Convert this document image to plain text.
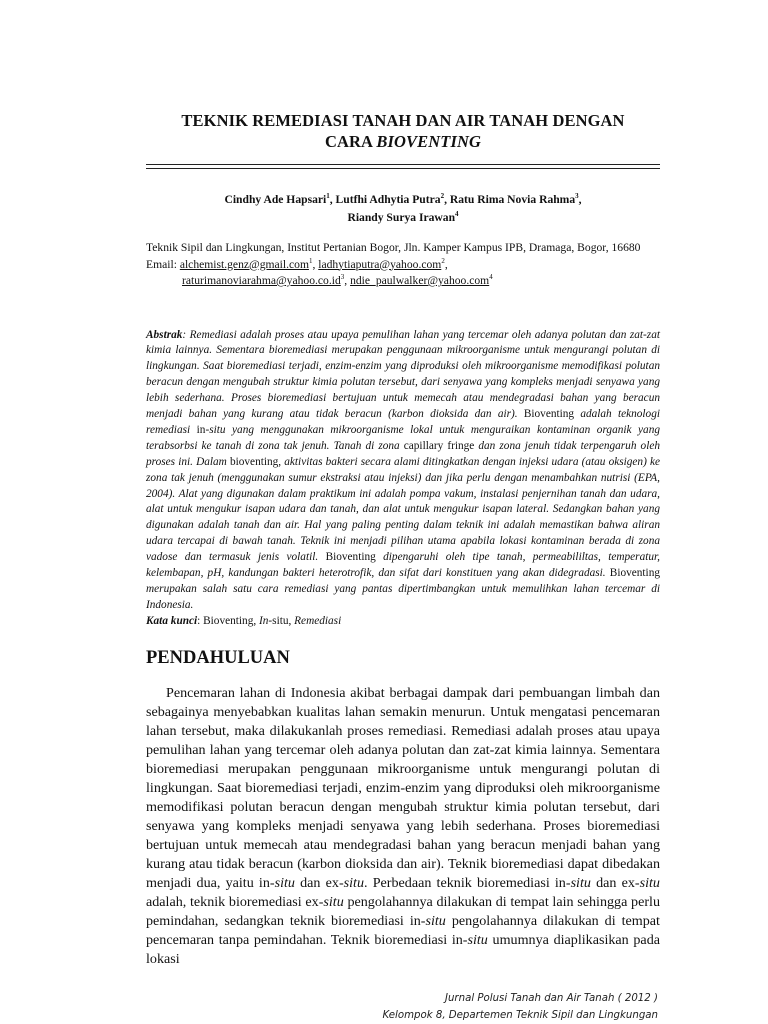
TEKNIK REMEDIASI TANAH DAN AIR TANAH DENGAN
CARA BIOVENTING
Cindhy Ade Hapsari$^1$, Lutfhi Adhytia Putra$^2$, Ratu Rima Novia Rahma$^3$,
Riandy Surya Irawan$^4$
Teknik Sipil dan Lingkungan, Institut Pertanian Bogor, Jln. Kamper Kampus IPB, Dramaga, Bogor, 16680
Email: alchemist.genz@gmail.com$^1$, ladhytiaputra@yahoo.com$^2$,
$raturimanoviarahma@yahoo.co.id^3$, ndie_paulwalker@yahoo.com$^4$
Abstrak: Remediasi adalah proses atau upaya pemulihan lahan yang tercemar oleh adanya polutan dan zat-zat kimia lainnya. Sementara bioremediasi merupakan penggunaan mikroorganisme untuk mengurangi polutan di lingkungan. Saat bioremediasi terjadi, enzim-enzim yang diproduksi oleh mikroorganisme memodifikasi polutan beracun dengan mengubah struktur kimia polutan tersebut, dari senyawa yang kompleks menjadi senyawa yang lebih sederhana. Proses bioremediasi bertujuan untuk memecah atau mendegradasi bahan yang beracun menjadi bahan yang kurang atau tidak beracun (karbon dioksida dan air). Bioventing adalah teknologi remediasi in-situ yang menggunakan mikroorganisme lokal untuk menguraikan kontaminan organik yang terabsorbsi ke tanah di zona tak jenuh. Tanah di zona capillary fringe dan zona jenuh tidak terpengaruh oleh proses ini. Dalam bioventing, aktivitas bakteri secara alami ditingkatkan dengan injeksi udara (atau oksigen) ke zona tak jenuh (menggunakan sumur ekstraksi atau injeksi) dan jika perlu dengan menambahkan nutrisi (EPA, 2004). Alat yang digunakan dalam praktikum ini adalah pompa vakum, instalasi penjernihan tanah dan udara, alat untuk mengukur isapan udara dan tanah, dan alat untuk mengukur isapan lateral. Sedangkan bahan yang digunakan adalah tanah dan air. Hal yang paling penting dalam teknik ini adalah memastikan bahwa aliran udara tercapai di bawah tanah. Teknik ini menjadi pilihan utama apabila lokasi kontaminan berada di zona vadose dan termasuk jenis volatil. Bioventing dipengaruhi oleh tipe tanah, permeabililtas, temperatur, kelembapan, pH, kandungan bakteri heterotrofik, dan sifat dari konstituen yang akan didegradasi. Bioventing merupakan salah satu cara remediasi yang pantas dipertimbangkan untuk memulihkan lahan tercemar di Indonesia.
Kata kunci: Bioventing, In-situ, Remediasi
PENDAHULUAN

Pencemaran lahan di Indonesia akibat berbagai dampak dari pembuangan limbah dan sebagainya menyebabkan kualitas lahan semakin menurun. Untuk mengatasi pencemaran lahan tersebut, maka dilakukanlah proses remediasi. Remediasi adalah proses atau upaya pemulihan lahan yang tercemar oleh adanya polutan dan zat-zat kimia lainnya. Sementara bioremediasi merupakan penggunaan mikroorganisme untuk mengurangi polutan di lingkungan. Saat bioremediasi terjadi, enzim-enzim yang diproduksi oleh mikroorganisme memodifikasi polutan beracun dengan mengubah struktur kimia polutan tersebut, dari senyawa yang kompleks menjadi senyawa yang lebih sederhana. Proses bioremediasi bertujuan untuk memecah atau mendegradasi bahan yang beracun menjadi bahan yang kurang atau tidak beracun (karbon dioksida dan air). Teknik bioremediasi dapat dibedakan menjadi dua, yaitu in-situ dan ex-situ. Perbedaan teknik bioremediasi in-situ dan ex-situ adalah, teknik bioremediasi ex-situ pengolahannya dilakukan di tempat lain sehingga perlu pemindahan, sedangkan teknik bioremediasi in-situ pengolahannya dilakukan di tempat pencemaran tanpa pemindahan. Teknik bioremediasi in-situ umumnya diaplikasikan pada lokasi

Jurnal Polusi Tanah dan Air Tanah ( 2012 )
Kelompok 8, Departemen Teknik Sipil dan Lingkungan
